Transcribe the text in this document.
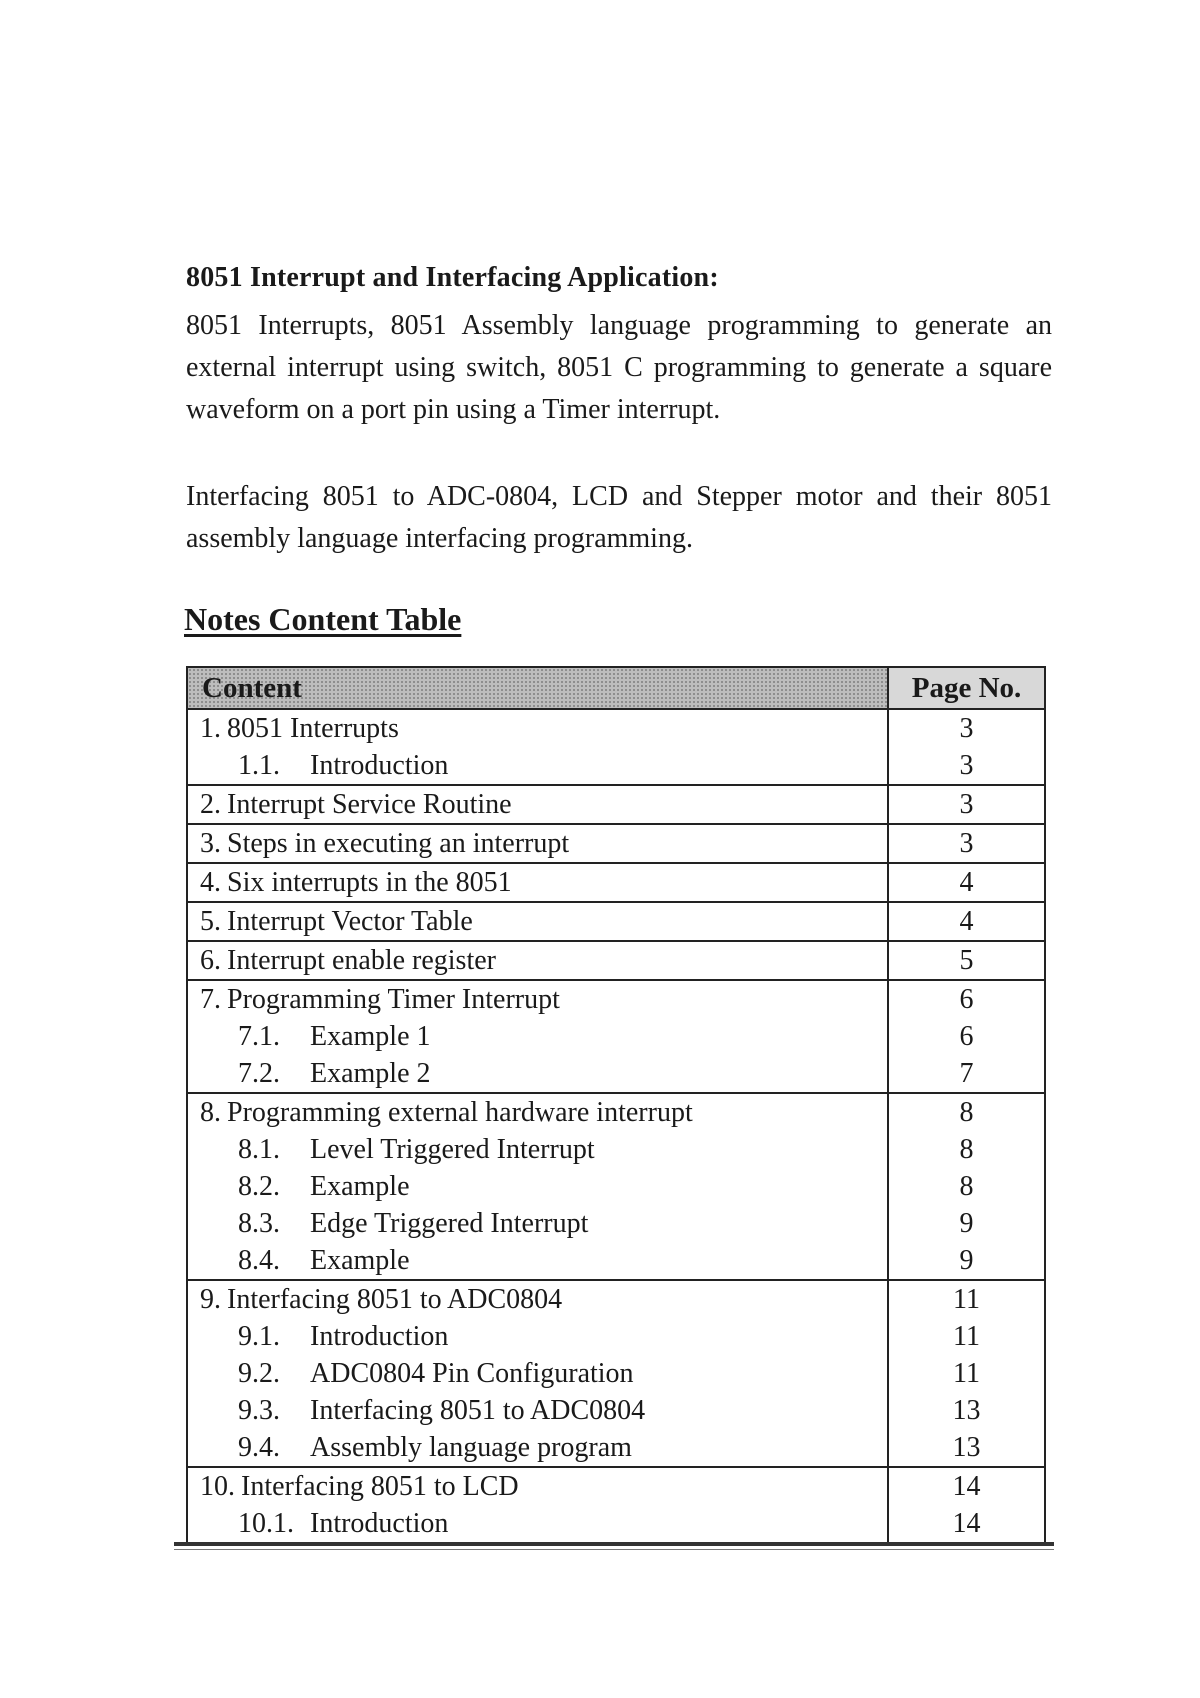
8051 Interrupt and Interfacing Application:
8051 Interrupts, 8051 Assembly language programming to generate an external interrupt using switch, 8051 C programming to generate a square waveform on a port pin using a Timer interrupt.
Interfacing 8051 to ADC-0804, LCD and Stepper motor and their 8051 assembly language interfacing programming.
Notes Content Table
Content	Page No.
1. 8051 Interrupts	3
1.1. Introduction	3
2. Interrupt Service Routine	3
3. Steps in executing an interrupt	3
4. Six interrupts in the 8051	4
5. Interrupt Vector Table	4
6. Interrupt enable register	5
7. Programming Timer Interrupt	6
7.1. Example 1	6
7.2. Example 2	7
8. Programming external hardware interrupt	8
8.1. Level Triggered Interrupt	8
8.2. Example	8
8.3. Edge Triggered Interrupt	9
8.4. Example	9
9. Interfacing 8051 to ADC0804	11
9.1. Introduction	11
9.2. ADC0804 Pin Configuration	11
9.3. Interfacing 8051 to ADC0804	13
9.4. Assembly language program	13
10. Interfacing 8051 to LCD	14
10.1. Introduction	14
